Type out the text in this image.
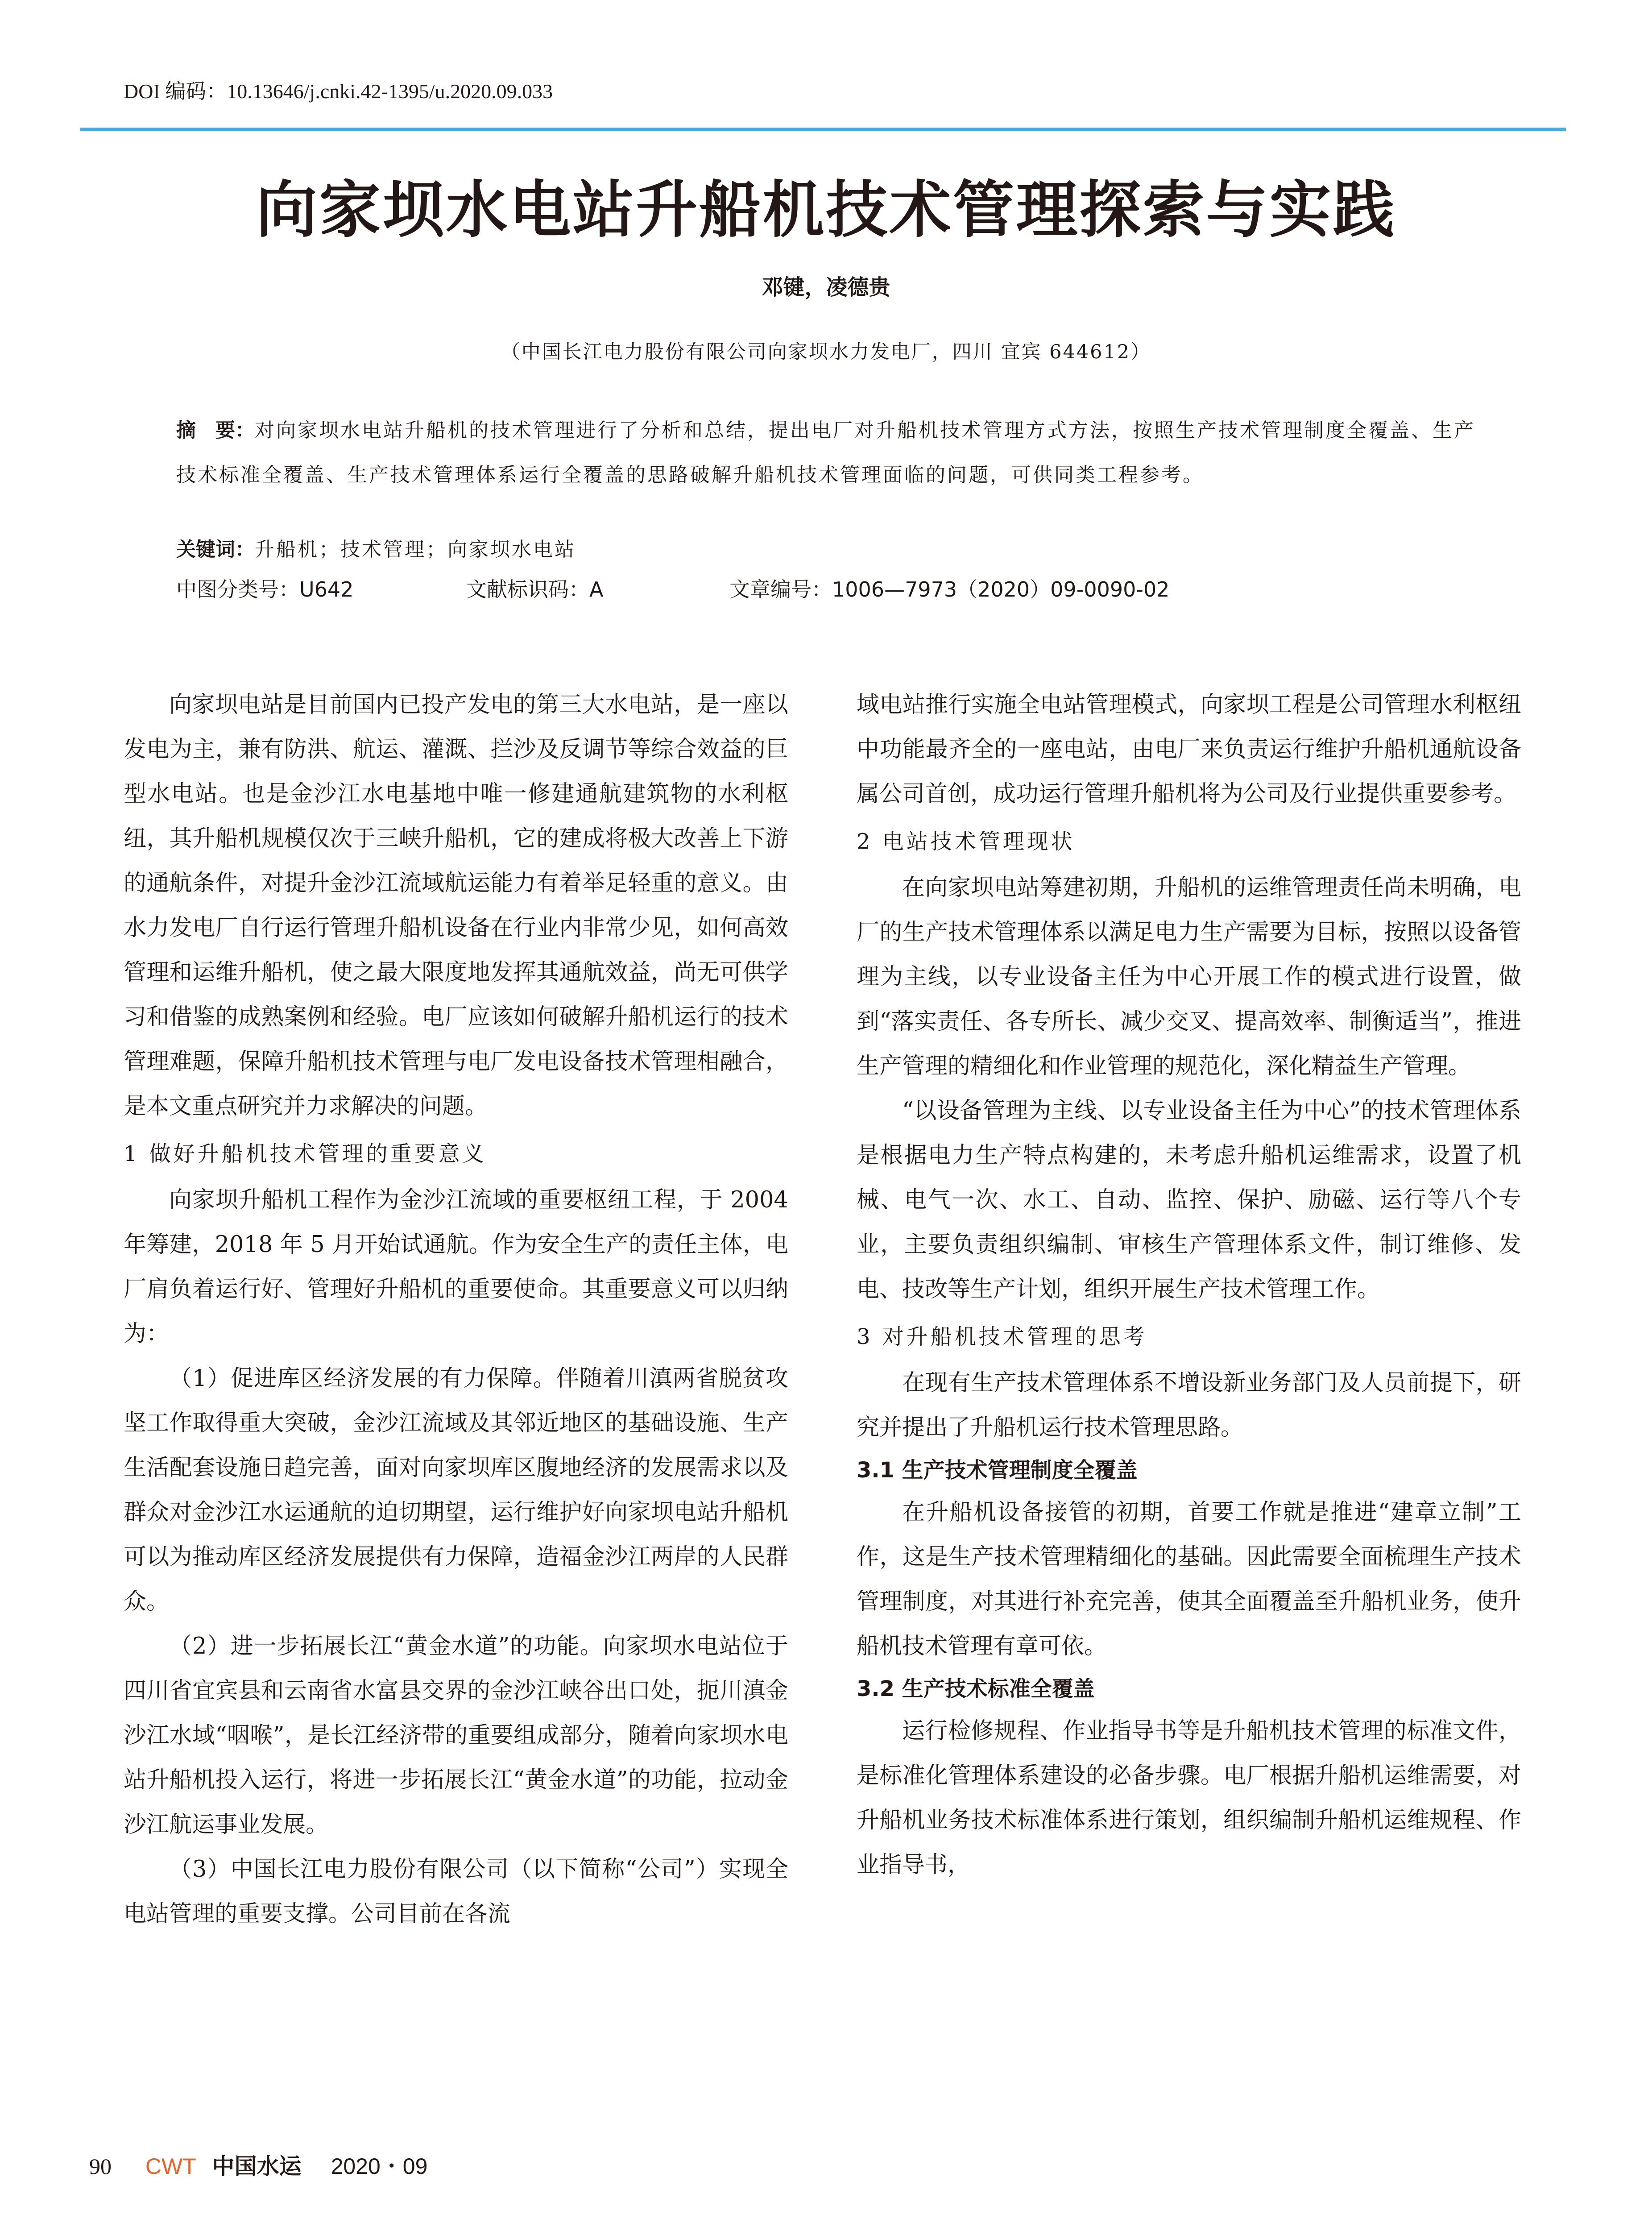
DOI 编码：10.13646/j.cnki.42-1395/u.2020.09.033
向家坝水电站升船机技术管理探索与实践
邓键，凌德贵
（中国长江电力股份有限公司向家坝水力发电厂，四川 宜宾 644612）
摘　要：对向家坝水电站升船机的技术管理进行了分析和总结，提出电厂对升船机技术管理方式方法，按照生产技术管理制度全覆盖、生产技术标准全覆盖、生产技术管理体系运行全覆盖的思路破解升船机技术管理面临的问题，可供同类工程参考。
关键词：升船机；技术管理；向家坝水电站
中图分类号：U642	文献标识码：A	文章编号：1006—7973（2020）09-0090-02

向家坝电站是目前国内已投产发电的第三大水电站，是一座以发电为主，兼有防洪、航运、灌溉、拦沙及反调节等综合效益的巨型水电站。也是金沙江水电基地中唯一修建通航建筑物的水利枢纽，其升船机规模仅次于三峡升船机，它的建成将极大改善上下游的通航条件，对提升金沙江流域航运能力有着举足轻重的意义。由水力发电厂自行运行管理升船机设备在行业内非常少见，如何高效管理和运维升船机，使之最大限度地发挥其通航效益，尚无可供学习和借鉴的成熟案例和经验。电厂应该如何破解升船机运行的技术管理难题，保障升船机技术管理与电厂发电设备技术管理相融合，是本文重点研究并力求解决的问题。

1 做好升船机技术管理的重要意义

向家坝升船机工程作为金沙江流域的重要枢纽工程，于 2004 年筹建，2018 年 5 月开始试通航。作为安全生产的责任主体，电厂肩负着运行好、管理好升船机的重要使命。其重要意义可以归纳为：

（1）促进库区经济发展的有力保障。伴随着川滇两省脱贫攻坚工作取得重大突破，金沙江流域及其邻近地区的基础设施、生产生活配套设施日趋完善，面对向家坝库区腹地经济的发展需求以及群众对金沙江水运通航的迫切期望，运行维护好向家坝电站升船机可以为推动库区经济发展提供有力保障，造福金沙江两岸的人民群众。

（2）进一步拓展长江“黄金水道”的功能。向家坝水电站位于四川省宜宾县和云南省水富县交界的金沙江峡谷出口处，扼川滇金沙江水域“咽喉”，是长江经济带的重要组成部分，随着向家坝水电站升船机投入运行，将进一步拓展长江“黄金水道”的功能，拉动金沙江航运事业发展。

（3）中国长江电力股份有限公司（以下简称“公司”）实现全电站管理的重要支撑。公司目前在各流

域电站推行实施全电站管理模式，向家坝工程是公司管理水利枢纽中功能最齐全的一座电站，由电厂来负责运行维护升船机通航设备属公司首创，成功运行管理升船机将为公司及行业提供重要参考。

2 电站技术管理现状

在向家坝电站筹建初期，升船机的运维管理责任尚未明确，电厂的生产技术管理体系以满足电力生产需要为目标，按照以设备管理为主线，以专业设备主任为中心开展工作的模式进行设置，做到“落实责任、各专所长、减少交叉、提高效率、制衡适当”，推进生产管理的精细化和作业管理的规范化，深化精益生产管理。

“以设备管理为主线、以专业设备主任为中心”的技术管理体系是根据电力生产特点构建的，未考虑升船机运维需求，设置了机械、电气一次、水工、自动、监控、保护、励磁、运行等八个专业，主要负责组织编制、审核生产管理体系文件，制订维修、发电、技改等生产计划，组织开展生产技术管理工作。

3 对升船机技术管理的思考

在现有生产技术管理体系不增设新业务部门及人员前提下，研究并提出了升船机运行技术管理思路。

3.1 生产技术管理制度全覆盖

在升船机设备接管的初期，首要工作就是推进“建章立制”工作，这是生产技术管理精细化的基础。因此需要全面梳理生产技术管理制度，对其进行补充完善，使其全面覆盖至升船机业务，使升船机技术管理有章可依。

3.2 生产技术标准全覆盖

运行检修规程、作业指导书等是升船机技术管理的标准文件，是标准化管理体系建设的必备步骤。电厂根据升船机运维需要，对升船机业务技术标准体系进行策划，组织编制升船机运维规程、作业指导书，

90 CWT 中国水运 2020・09
